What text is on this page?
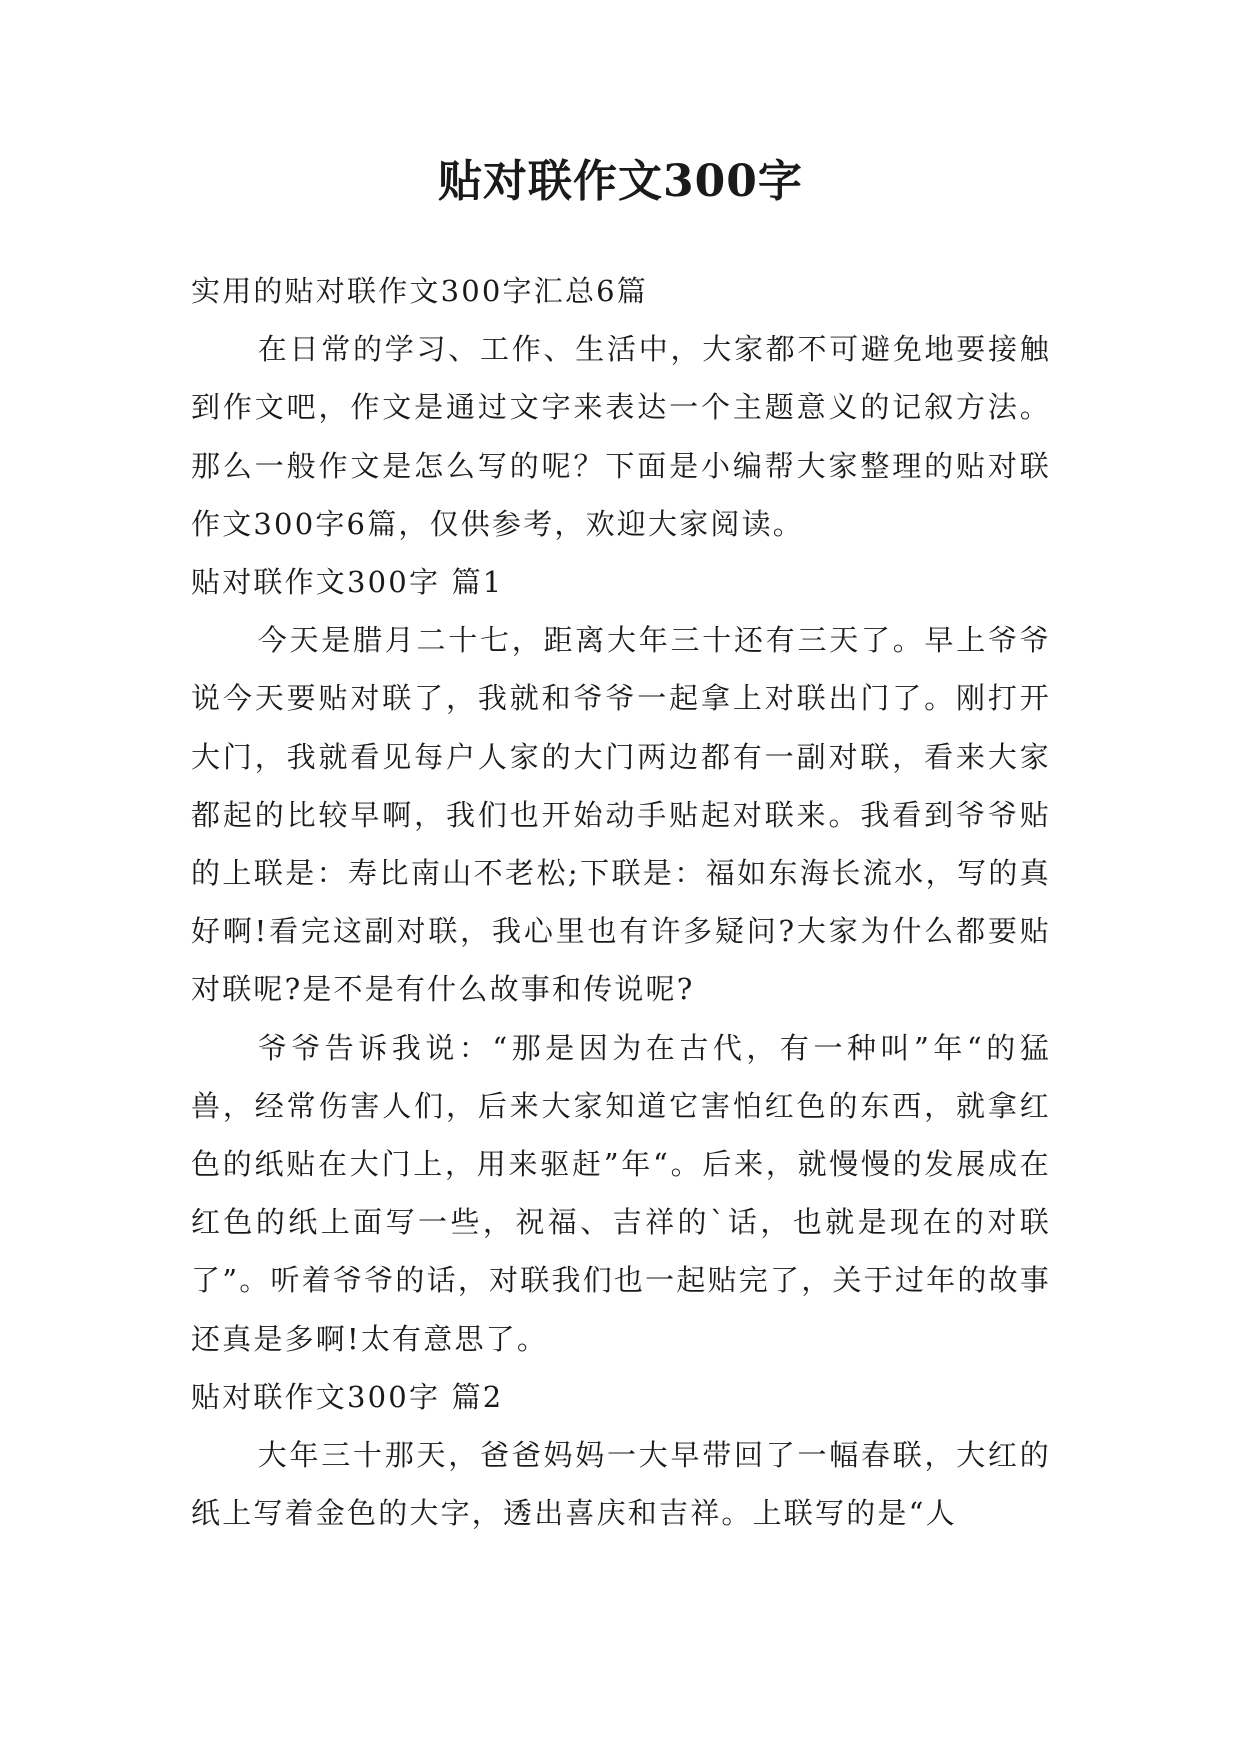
贴对联作文300字

实用的贴对联作文300字汇总6篇

在日常的学习、工作、生活中，大家都不可避免地要接触到作文吧，作文是通过文字来表达一个主题意义的记叙方法。那么一般作文是怎么写的呢？下面是小编帮大家整理的贴对联作文300字6篇，仅供参考，欢迎大家阅读。

贴对联作文300字 篇1

今天是腊月二十七，距离大年三十还有三天了。早上爷爷说今天要贴对联了，我就和爷爷一起拿上对联出门了。刚打开大门，我就看见每户人家的大门两边都有一副对联，看来大家都起的比较早啊，我们也开始动手贴起对联来。我看到爷爷贴的上联是：寿比南山不老松;下联是：福如东海长流水，写的真好啊!看完这副对联，我心里也有许多疑问?大家为什么都要贴对联呢?是不是有什么故事和传说呢?

爷爷告诉我说：“那是因为在古代，有一种叫”年“的猛兽，经常伤害人们，后来大家知道它害怕红色的东西，就拿红色的纸贴在大门上，用来驱赶”年“。后来，就慢慢的发展成在红色的纸上面写一些，祝福、吉祥的`话，也就是现在的对联了”。听着爷爷的话，对联我们也一起贴完了，关于过年的故事还真是多啊!太有意思了。

贴对联作文300字 篇2

大年三十那天，爸爸妈妈一大早带回了一幅春联，大红的纸上写着金色的大字，透出喜庆和吉祥。上联写的是“人
